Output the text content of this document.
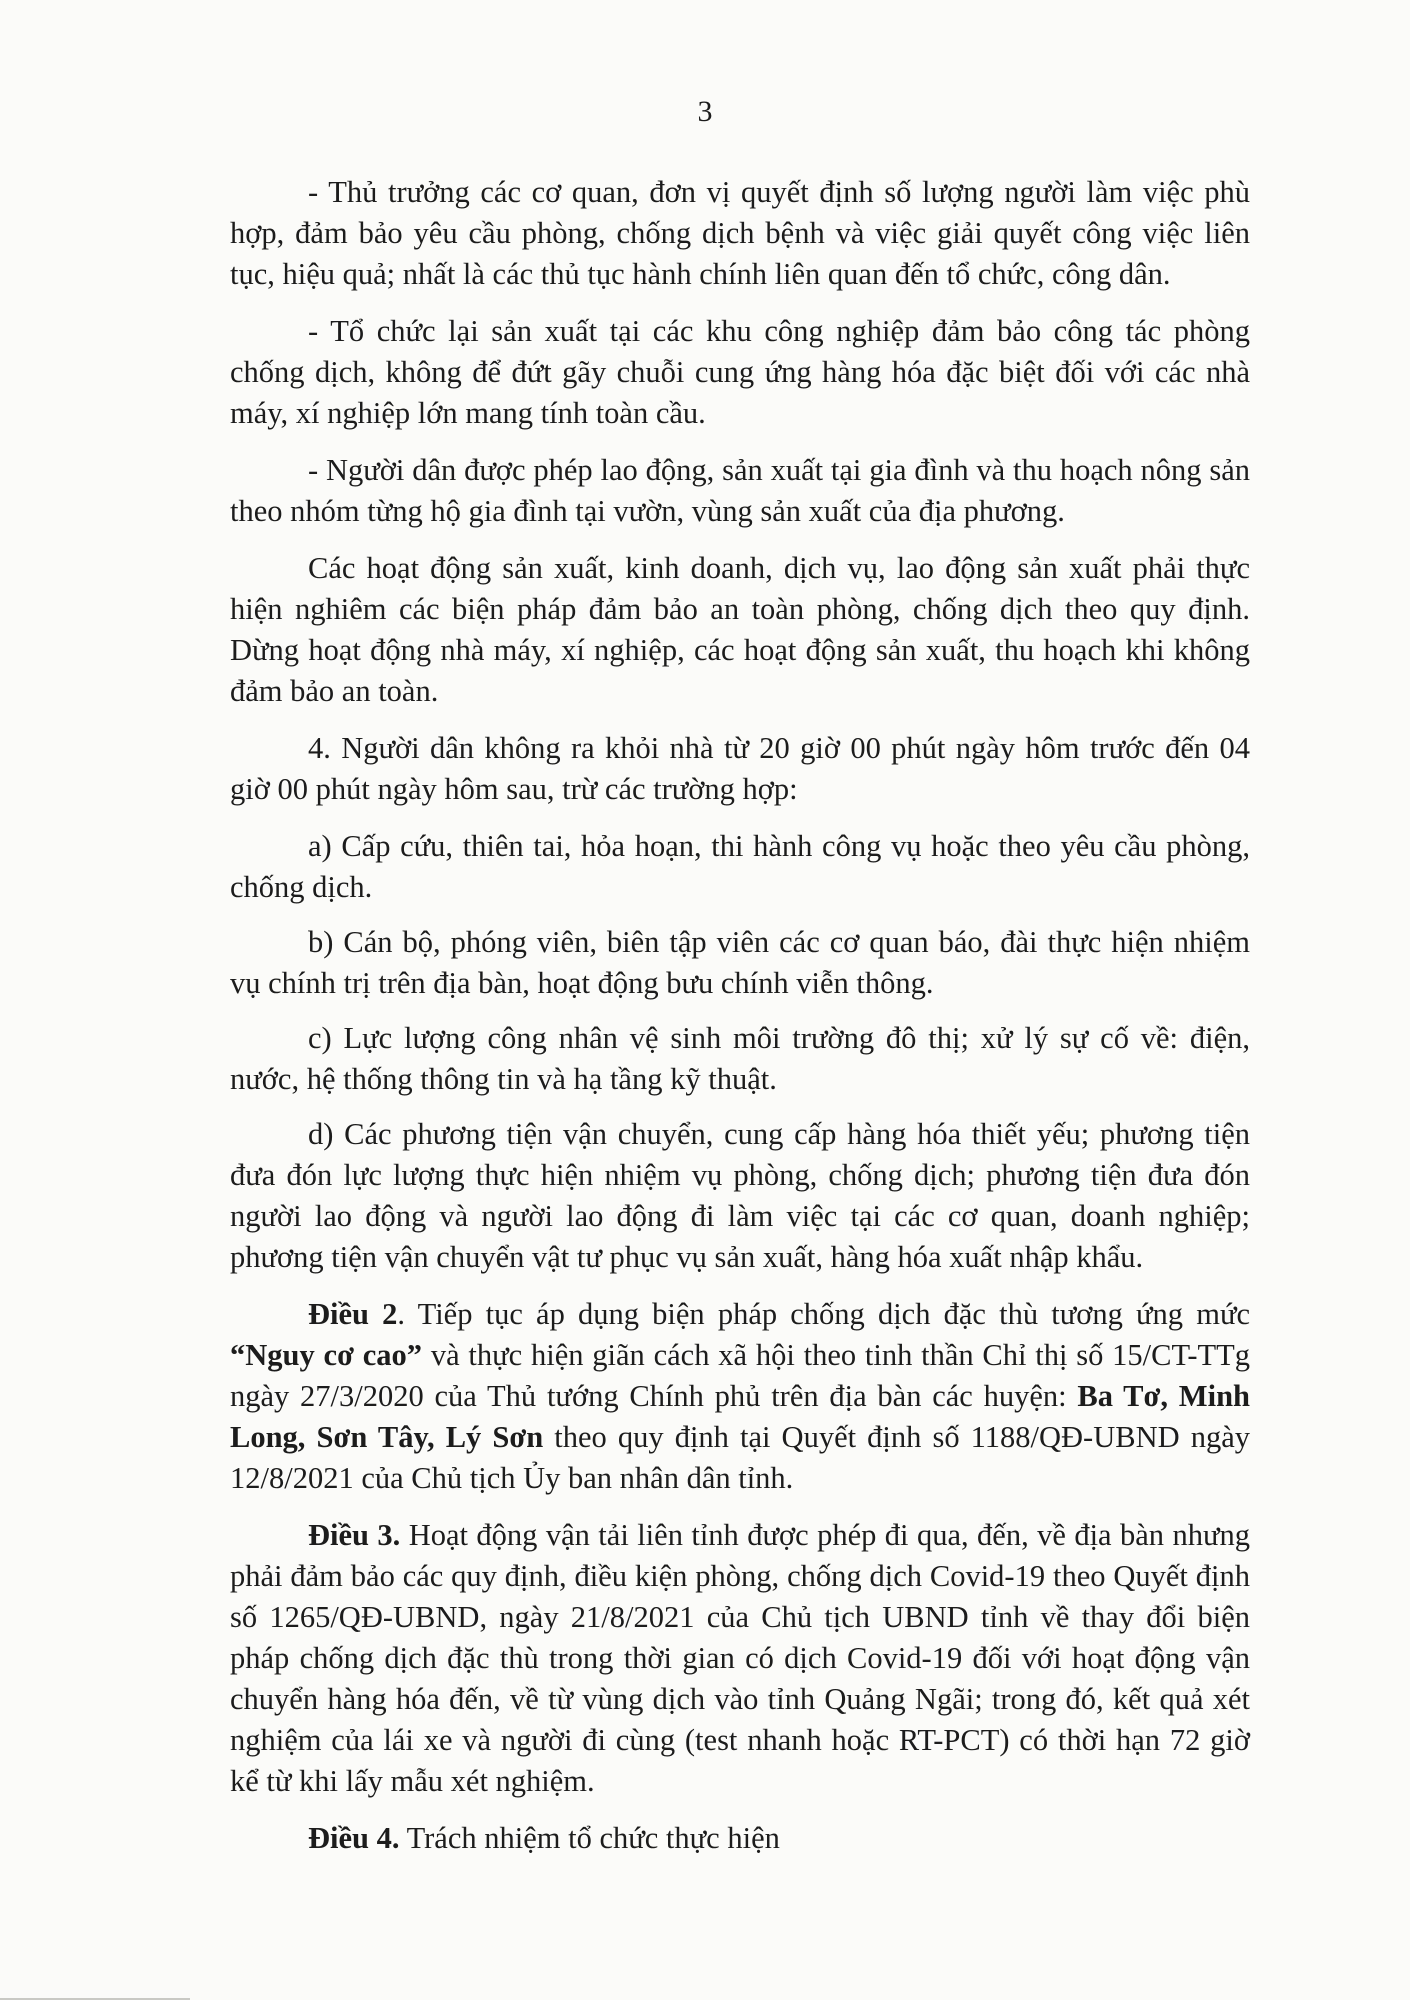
3

- Thủ trưởng các cơ quan, đơn vị quyết định số lượng người làm việc phù hợp, đảm bảo yêu cầu phòng, chống dịch bệnh và việc giải quyết công việc liên tục, hiệu quả; nhất là các thủ tục hành chính liên quan đến tổ chức, công dân.

- Tổ chức lại sản xuất tại các khu công nghiệp đảm bảo công tác phòng chống dịch, không để đứt gãy chuỗi cung ứng hàng hóa đặc biệt đối với các nhà máy, xí nghiệp lớn mang tính toàn cầu.

- Người dân được phép lao động, sản xuất tại gia đình và thu hoạch nông sản theo nhóm từng hộ gia đình tại vườn, vùng sản xuất của địa phương.

Các hoạt động sản xuất, kinh doanh, dịch vụ, lao động sản xuất phải thực hiện nghiêm các biện pháp đảm bảo an toàn phòng, chống dịch theo quy định. Dừng hoạt động nhà máy, xí nghiệp, các hoạt động sản xuất, thu hoạch khi không đảm bảo an toàn.

4. Người dân không ra khỏi nhà từ 20 giờ 00 phút ngày hôm trước đến 04 giờ 00 phút ngày hôm sau, trừ các trường hợp:

a) Cấp cứu, thiên tai, hỏa hoạn, thi hành công vụ hoặc theo yêu cầu phòng, chống dịch.

b) Cán bộ, phóng viên, biên tập viên các cơ quan báo, đài thực hiện nhiệm vụ chính trị trên địa bàn, hoạt động bưu chính viễn thông.

c) Lực lượng công nhân vệ sinh môi trường đô thị; xử lý sự cố về: điện, nước, hệ thống thông tin và hạ tầng kỹ thuật.

d) Các phương tiện vận chuyển, cung cấp hàng hóa thiết yếu; phương tiện đưa đón lực lượng thực hiện nhiệm vụ phòng, chống dịch; phương tiện đưa đón người lao động và người lao động đi làm việc tại các cơ quan, doanh nghiệp; phương tiện vận chuyển vật tư phục vụ sản xuất, hàng hóa xuất nhập khẩu.

Điều 2. Tiếp tục áp dụng biện pháp chống dịch đặc thù tương ứng mức “Nguy cơ cao” và thực hiện giãn cách xã hội theo tinh thần Chỉ thị số 15/CT-TTg ngày 27/3/2020 của Thủ tướng Chính phủ trên địa bàn các huyện: Ba Tơ, Minh Long, Sơn Tây, Lý Sơn theo quy định tại Quyết định số 1188/QĐ-UBND ngày 12/8/2021 của Chủ tịch Ủy ban nhân dân tỉnh.

Điều 3. Hoạt động vận tải liên tỉnh được phép đi qua, đến, về địa bàn nhưng phải đảm bảo các quy định, điều kiện phòng, chống dịch Covid-19 theo Quyết định số 1265/QĐ-UBND, ngày 21/8/2021 của Chủ tịch UBND tỉnh về thay đổi biện pháp chống dịch đặc thù trong thời gian có dịch Covid-19 đối với hoạt động vận chuyển hàng hóa đến, về từ vùng dịch vào tỉnh Quảng Ngãi; trong đó, kết quả xét nghiệm của lái xe và người đi cùng (test nhanh hoặc RT-PCT) có thời hạn 72 giờ kể từ khi lấy mẫu xét nghiệm.

Điều 4. Trách nhiệm tổ chức thực hiện
